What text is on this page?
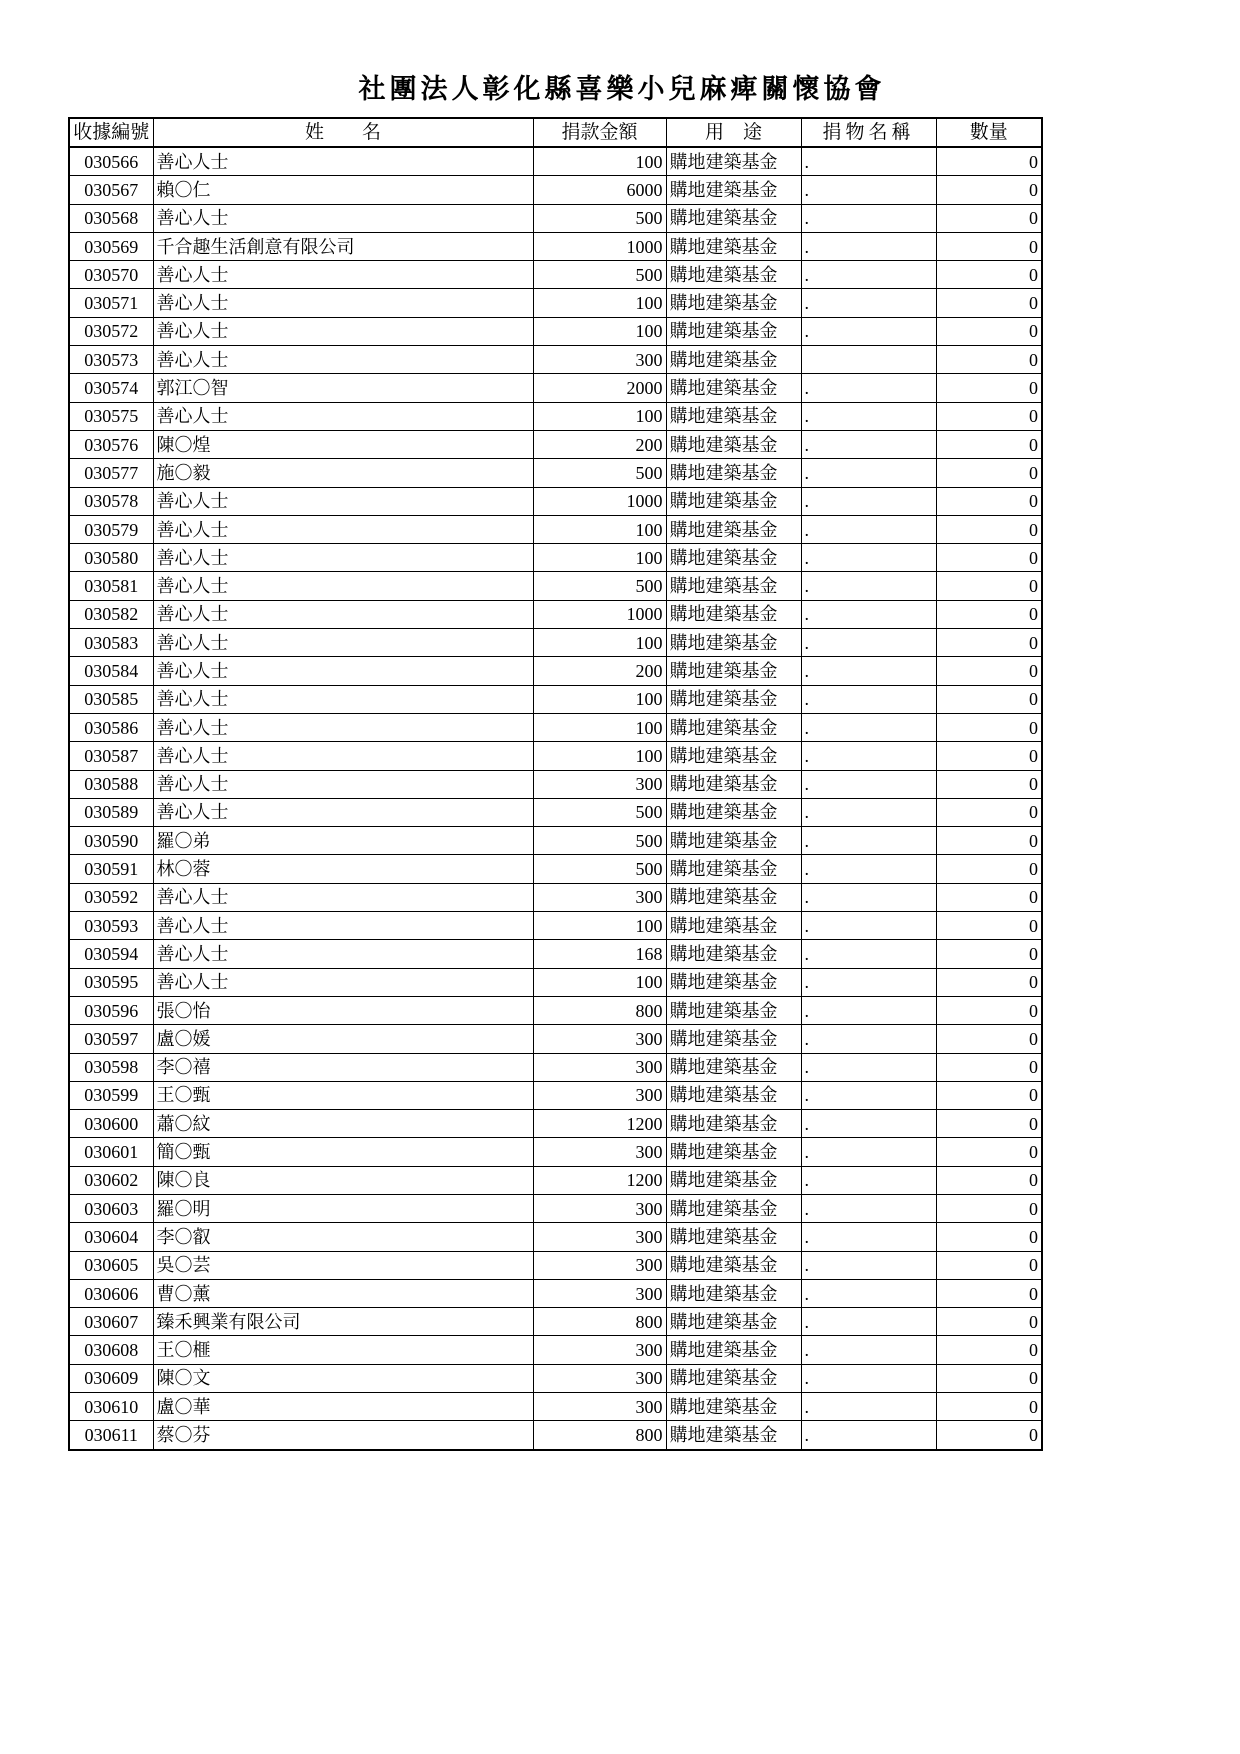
社團法人彰化縣喜樂小兒麻痺關懷協會
收據編號	姓　　名	捐款金額	用　途	捐物名稱	數量
030566	善心人士	100	購地建築基金	.	0
030567	賴〇仁	6000	購地建築基金	.	0
030568	善心人士	500	購地建築基金	.	0
030569	千合趣生活創意有限公司	1000	購地建築基金	.	0
030570	善心人士	500	購地建築基金	.	0
030571	善心人士	100	購地建築基金	.	0
030572	善心人士	100	購地建築基金	.	0
030573	善心人士	300	購地建築基金		0
030574	郭江〇智	2000	購地建築基金	.	0
030575	善心人士	100	購地建築基金	.	0
030576	陳〇煌	200	購地建築基金	.	0
030577	施〇毅	500	購地建築基金	.	0
030578	善心人士	1000	購地建築基金	.	0
030579	善心人士	100	購地建築基金	.	0
030580	善心人士	100	購地建築基金	.	0
030581	善心人士	500	購地建築基金	.	0
030582	善心人士	1000	購地建築基金	.	0
030583	善心人士	100	購地建築基金	.	0
030584	善心人士	200	購地建築基金	.	0
030585	善心人士	100	購地建築基金	.	0
030586	善心人士	100	購地建築基金	.	0
030587	善心人士	100	購地建築基金	.	0
030588	善心人士	300	購地建築基金	.	0
030589	善心人士	500	購地建築基金	.	0
030590	羅〇弟	500	購地建築基金	.	0
030591	林〇蓉	500	購地建築基金	.	0
030592	善心人士	300	購地建築基金	.	0
030593	善心人士	100	購地建築基金	.	0
030594	善心人士	168	購地建築基金	.	0
030595	善心人士	100	購地建築基金	.	0
030596	張〇怡	800	購地建築基金	.	0
030597	盧〇媛	300	購地建築基金	.	0
030598	李〇禧	300	購地建築基金	.	0
030599	王〇甄	300	購地建築基金	.	0
030600	蕭〇紋	1200	購地建築基金	.	0
030601	簡〇甄	300	購地建築基金	.	0
030602	陳〇良	1200	購地建築基金	.	0
030603	羅〇明	300	購地建築基金	.	0
030604	李〇叡	300	購地建築基金	.	0
030605	吳〇芸	300	購地建築基金	.	0
030606	曹〇薰	300	購地建築基金	.	0
030607	臻禾興業有限公司	800	購地建築基金	.	0
030608	王〇榧	300	購地建築基金	.	0
030609	陳〇文	300	購地建築基金	.	0
030610	盧〇華	300	購地建築基金	.	0
030611	蔡〇芬	800	購地建築基金	.	0
